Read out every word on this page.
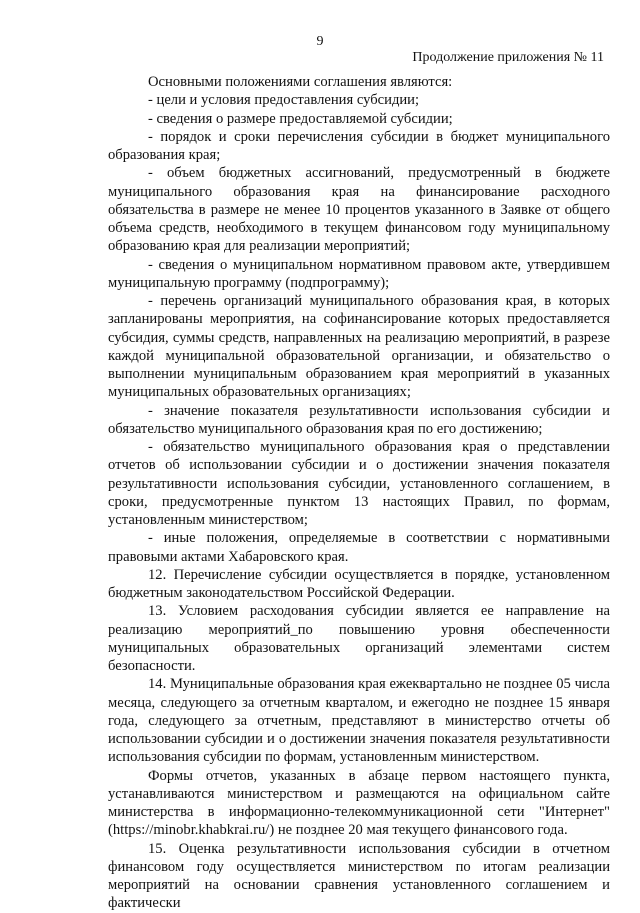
9
Продолжение приложения № 11

Основными положениями соглашения являются:

- цели и условия предоставления субсидии;

- сведения о размере предоставляемой субсидии;

- порядок и сроки перечисления субсидии в бюджет муниципального образования края;

- объем бюджетных ассигнований, предусмотренный в бюджете муниципального образования края на финансирование расходного обязательства в размере не менее 10 процентов указанного в Заявке от общего объема средств, необходимого в текущем финансовом году муниципальному образованию края для реализации мероприятий;

- сведения о муниципальном нормативном правовом акте, утвердившем муниципальную программу (подпрограмму);

- перечень организаций муниципального образования края, в которых запланированы мероприятия, на софинансирование которых предоставляется субсидия, суммы средств, направленных на реализацию мероприятий, в разрезе каждой муниципальной образовательной организации, и обязательство о выполнении муниципальным образованием края мероприятий в указанных муниципальных образовательных организациях;

- значение показателя результативности использования субсидии и обязательство муниципального образования края по его достижению;

- обязательство муниципального образования края о представлении отчетов об использовании субсидии и о достижении значения показателя результативности использования субсидии, установленного соглашением, в сроки, предусмотренные пунктом 13 настоящих Правил, по формам, установленным министерством;

- иные положения, определяемые в соответствии с нормативными правовыми актами Хабаровского края.

12. Перечисление субсидии осуществляется в порядке, установленном бюджетным законодательством Российской Федерации.

13. Условием расходования субсидии является ее направление на реализацию мероприятий_по повышению уровня обеспеченности муниципальных образовательных организаций элементами систем безопасности.

14. Муниципальные образования края ежеквартально не позднее 05 числа месяца, следующего за отчетным кварталом, и ежегодно не позднее 15 января года, следующего за отчетным, представляют в министерство отчеты об использовании субсидии и о достижении значения показателя результативности использования субсидии по формам, установленным министерством.

Формы отчетов, указанных в абзаце первом настоящего пункта, устанавливаются министерством и размещаются на официальном сайте министерства в информационно-телекоммуникационной сети "Интернет" (https://minobr.khabkrai.ru/) не позднее 20 мая текущего финансового года.

15. Оценка результативности использования субсидии в отчетном финансовом году осуществляется министерством по итогам реализации мероприятий на основании сравнения установленного соглашением и фактически
